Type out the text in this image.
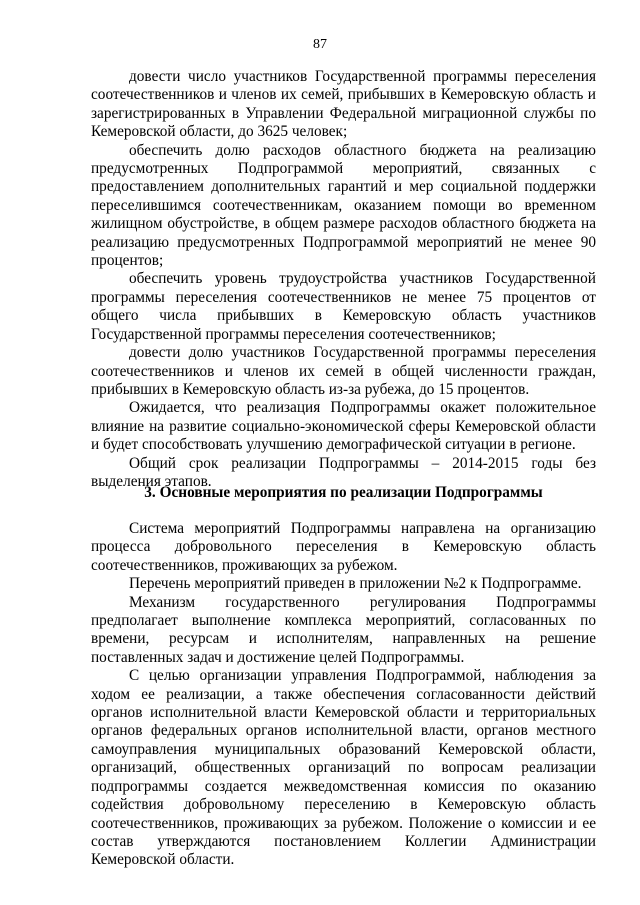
87

довести число участников Государственной программы переселения соотечественников и членов их семей, прибывших в Кемеровскую область и зарегистрированных в Управлении Федеральной миграционной службы по Кемеровской области, до 3625 человек;

обеспечить долю расходов областного бюджета на реализацию предусмотренных Подпрограммой мероприятий, связанных с предоставлением дополнительных гарантий и мер социальной поддержки переселившимся соотечественникам, оказанием помощи во временном жилищном обустройстве, в общем размере расходов областного бюджета на реализацию предусмотренных Подпрограммой мероприятий не менее 90 процентов;

обеспечить уровень трудоустройства участников Государственной программы переселения соотечественников не менее 75 процентов от общего числа прибывших в Кемеровскую область участников Государственной программы переселения соотечественников;

довести долю участников Государственной программы переселения соотечественников и членов их семей в общей численности граждан, прибывших в Кемеровскую область из-за рубежа, до 15 процентов.

Ожидается, что реализация Подпрограммы окажет положительное влияние на развитие социально-экономической сферы Кемеровской области и будет способствовать улучшению демографической ситуации в регионе.

Общий срок реализации Подпрограммы – 2014-2015 годы без выделения этапов.

3. Основные мероприятия по реализации Подпрограммы

Система мероприятий Подпрограммы направлена на организацию процесса добровольного переселения в Кемеровскую область соотечественников, проживающих за рубежом.

Перечень мероприятий приведен в приложении №2 к Подпрограмме.

Механизм государственного регулирования Подпрограммы предполагает выполнение комплекса мероприятий, согласованных по времени, ресурсам и исполнителям, направленных на решение поставленных задач и достижение целей Подпрограммы.

С целью организации управления Подпрограммой, наблюдения за ходом ее реализации, а также обеспечения согласованности действий органов исполнительной власти Кемеровской области и территориальных органов федеральных органов исполнительной власти, органов местного самоуправления муниципальных образований Кемеровской области, организаций, общественных организаций по вопросам реализации подпрограммы создается межведомственная комиссия по оказанию содействия добровольному переселению в Кемеровскую область соотечественников, проживающих за рубежом. Положение о комиссии и ее состав утверждаются постановлением Коллегии Администрации Кемеровской области.
